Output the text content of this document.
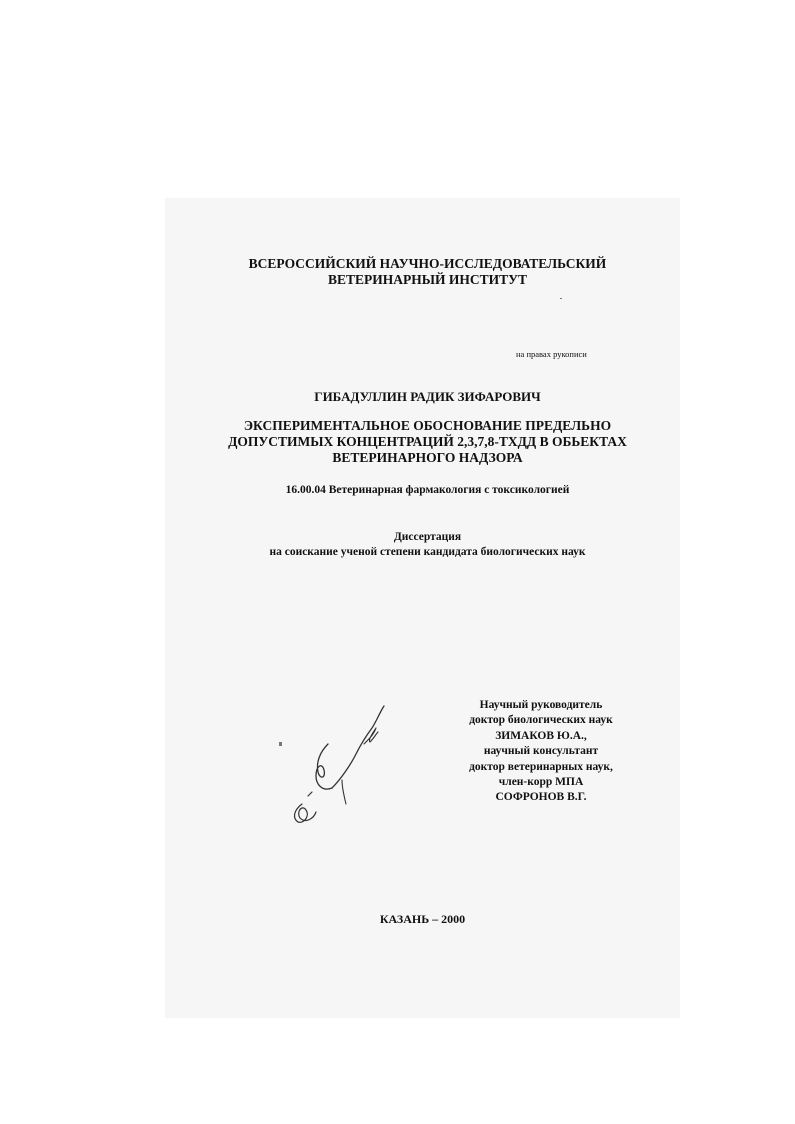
ВСЕРОССИЙСКИЙ НАУЧНО-ИССЛЕДОВАТЕЛЬСКИЙ
ВЕТЕРИНАРНЫЙ ИНСТИТУТ
на правах рукописи
ГИБАДУЛЛИН РАДИК ЗИФАРОВИЧ
ЭКСПЕРИМЕНТАЛЬНОЕ ОБОСНОВАНИЕ ПРЕДЕЛЬНО
ДОПУСТИМЫХ КОНЦЕНТРАЦИЙ 2,3,7,8-ТХДД В ОБЬЕКТАХ
ВЕТЕРИНАРНОГО НАДЗОРА
16.00.04 Ветеринарная фармакология с токсикологией
Диссертация
на соискание ученой степени кандидата биологических наук
Научный руководитель
доктор биологических наук
ЗИМАКОВ Ю.А.,
научный консультант
доктор ветеринарных наук,
член-корр МПА
СОФРОНОВ В.Г.
КАЗАНЬ – 2000
